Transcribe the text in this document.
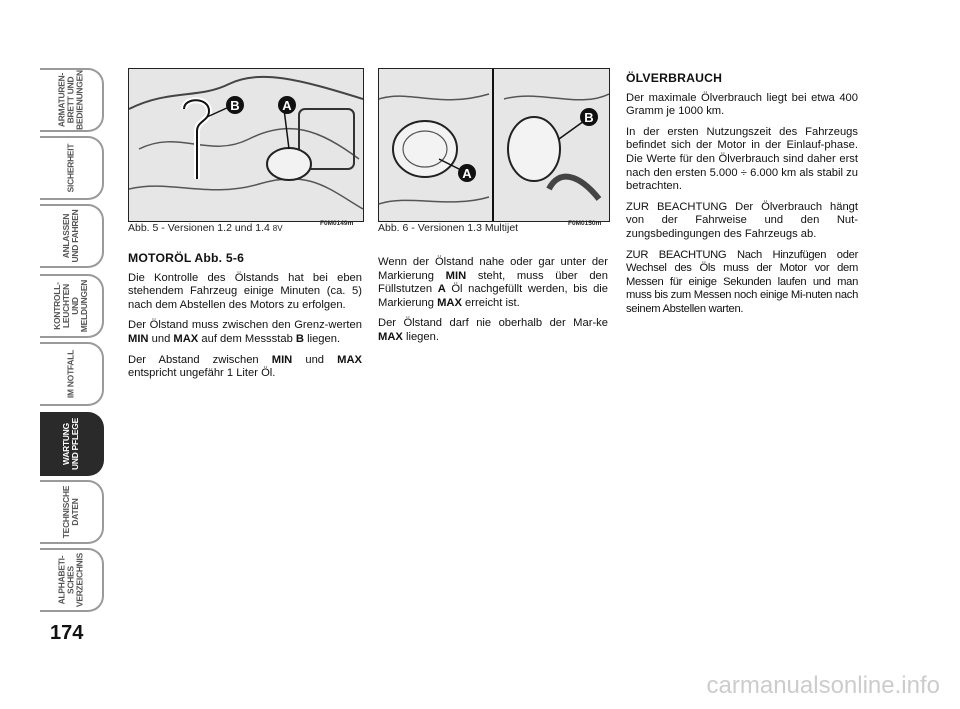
ARMATUREN-
BRETT UND
BEDIENUNGEN
SICHERHEIT
ANLASSEN
UND FAHREN
KONTROLL-
LEUCHTEN UND
MELDUNGEN
IM NOTFALL
WARTUNG
UND PFLEGE
TECHNISCHE
DATEN
ALPHABETI-
SCHES
VERZEICHNIS
174
B	A
Abb. 5 - Versionen 1.2 und 1.4 8V
F0M0149m
A
B
Abb. 6 - Versionen 1.3 Multijet	F0M0150m
MOTORÖL Abb. 5-6

Die Kontrolle des Ölstands hat bei eben stehendem Fahrzeug einige Minuten (ca. 5) nach dem Abstellen des Motors zu erfolgen.

Der Ölstand muss zwischen den Grenz-werten MIN und MAX auf dem Messstab B liegen.

Der Abstand zwischen MIN und MAX entspricht ungefähr 1 Liter Öl.

Wenn der Ölstand nahe oder gar unter der Markierung MIN steht, muss über den Füllstutzen A Öl nachgefüllt werden, bis die Markierung MAX erreicht ist.

Der Ölstand darf nie oberhalb der Mar-ke MAX liegen.

ÖLVERBRAUCH

Der maximale Ölverbrauch liegt bei etwa 400 Gramm je 1000 km.

In der ersten Nutzungszeit des Fahrzeugs befindet sich der Motor in der Einlauf-phase. Die Werte für den Ölverbrauch sind daher erst nach den ersten 5.000 ÷ 6.000 km als stabil zu betrachten.

ZUR BEACHTUNG Der Ölverbrauch hängt von der Fahrweise und den Nut-zungsbedingungen des Fahrzeugs ab.

ZUR BEACHTUNG Nach Hinzufügen oder Wechsel des Öls muss der Motor vor dem Messen für einige Sekunden laufen und man muss bis zum Messen noch einige Mi-nuten nach seinem Abstellen warten.

carmanualsonline.info
